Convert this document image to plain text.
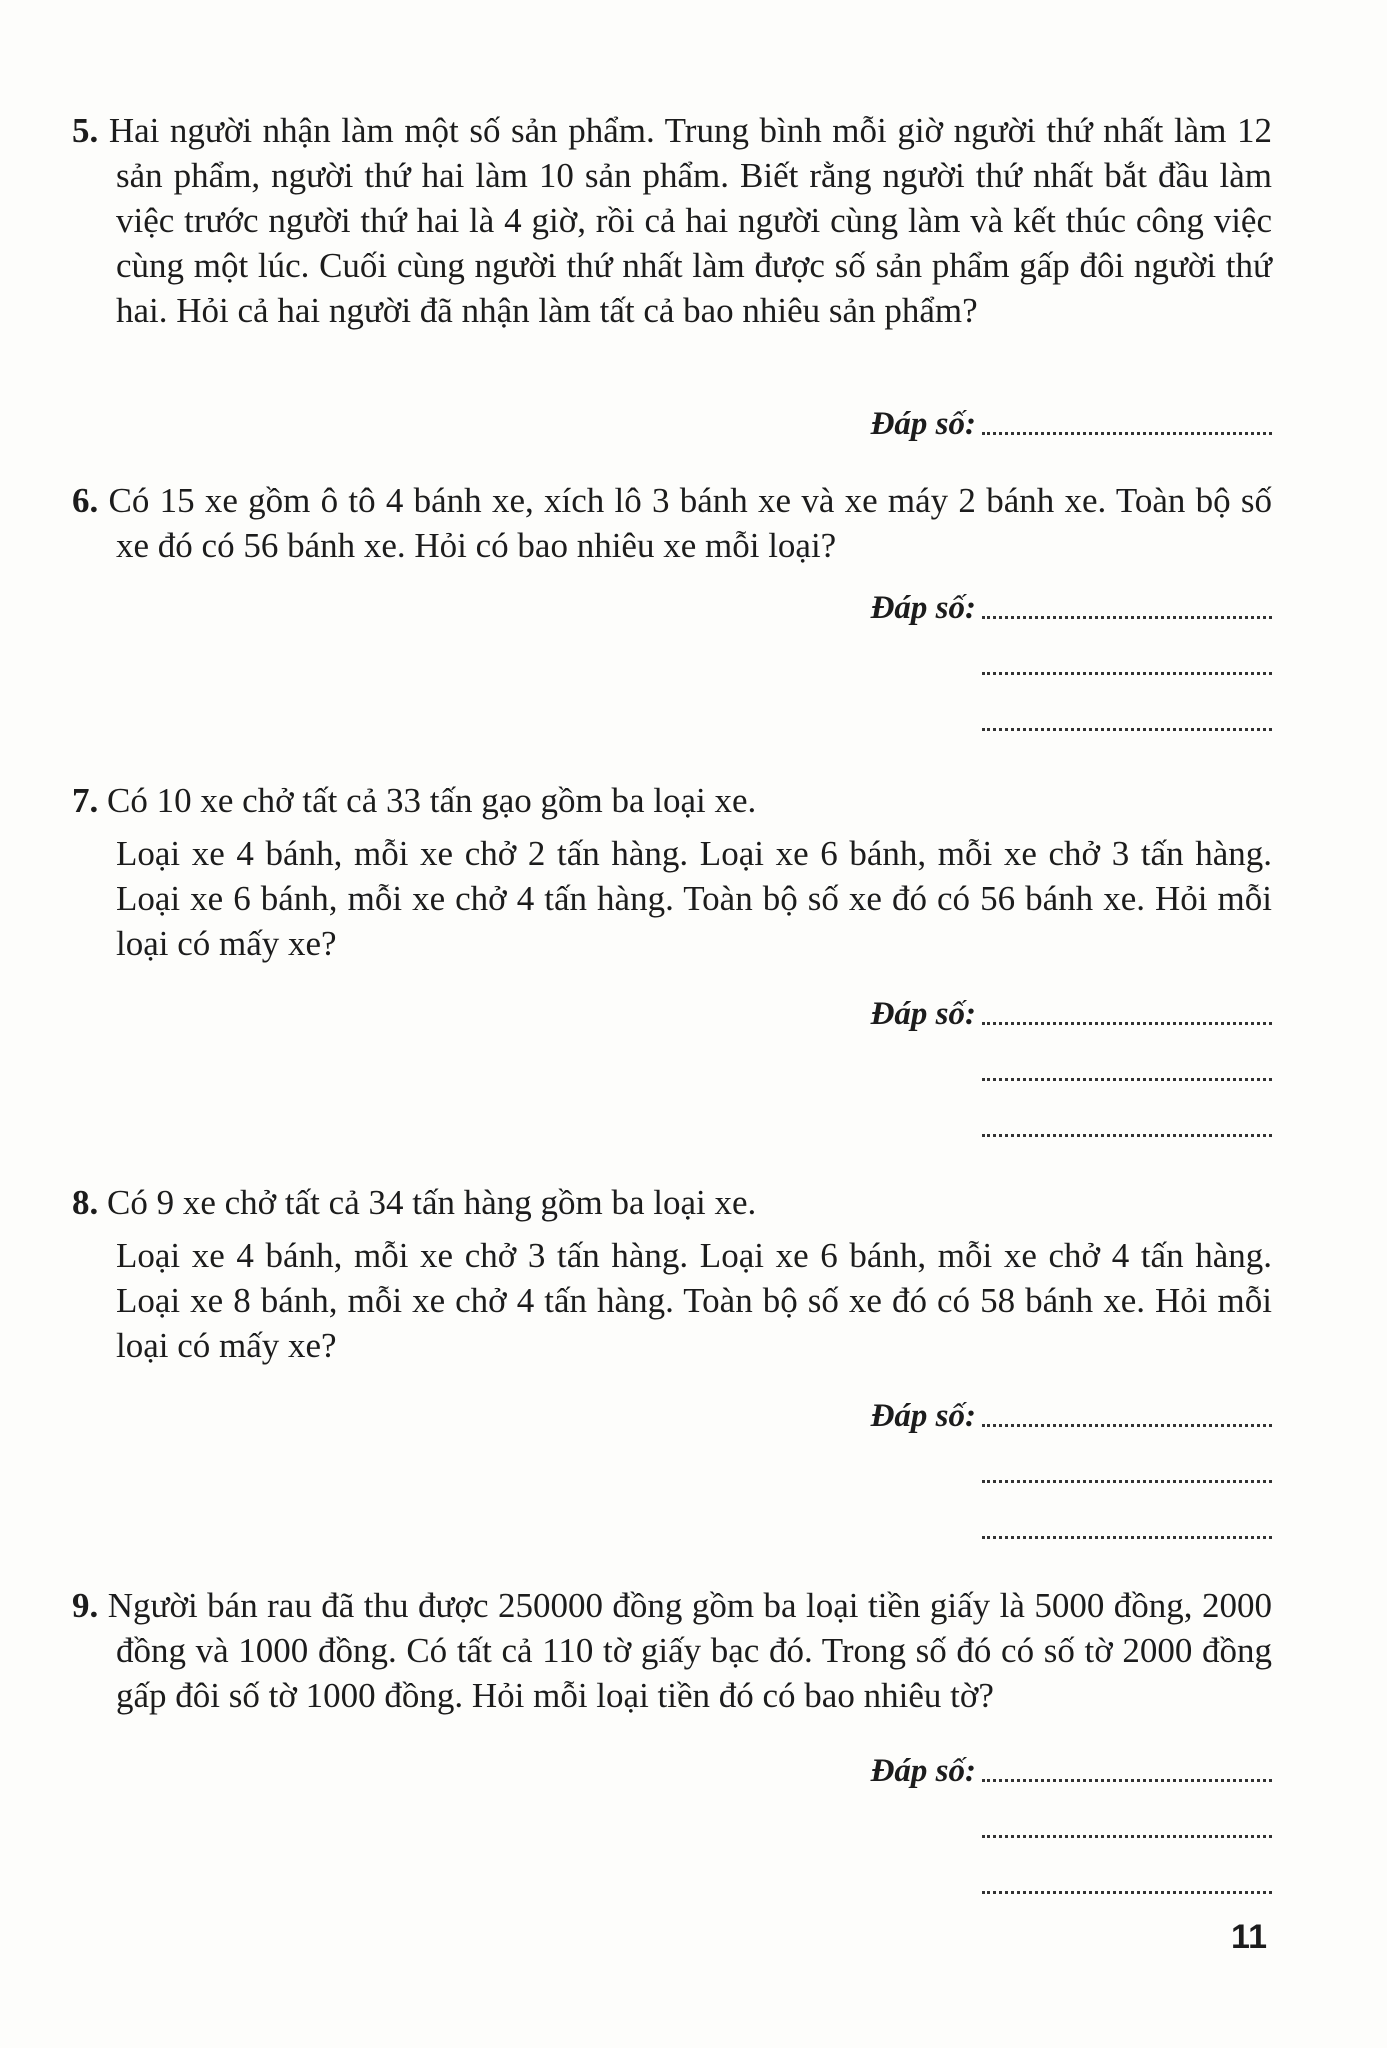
5. Hai người nhận làm một số sản phẩm. Trung bình mỗi giờ người thứ nhất làm 12 sản phẩm, người thứ hai làm 10 sản phẩm. Biết rằng người thứ nhất bắt đầu làm việc trước người thứ hai là 4 giờ, rồi cả hai người cùng làm và kết thúc công việc cùng một lúc. Cuối cùng người thứ nhất làm được số sản phẩm gấp đôi người thứ hai. Hỏi cả hai người đã nhận làm tất cả bao nhiêu sản phẩm?

Đáp số:

6. Có 15 xe gồm ô tô 4 bánh xe, xích lô 3 bánh xe và xe máy 2 bánh xe. Toàn bộ số xe đó có 56 bánh xe. Hỏi có bao nhiêu xe mỗi loại?

Đáp số:

7. Có 10 xe chở tất cả 33 tấn gạo gồm ba loại xe.

Loại xe 4 bánh, mỗi xe chở 2 tấn hàng. Loại xe 6 bánh, mỗi xe chở 3 tấn hàng. Loại xe 6 bánh, mỗi xe chở 4 tấn hàng. Toàn bộ số xe đó có 56 bánh xe. Hỏi mỗi loại có mấy xe?

Đáp số:

8. Có 9 xe chở tất cả 34 tấn hàng gồm ba loại xe.

Loại xe 4 bánh, mỗi xe chở 3 tấn hàng. Loại xe 6 bánh, mỗi xe chở 4 tấn hàng. Loại xe 8 bánh, mỗi xe chở 4 tấn hàng. Toàn bộ số xe đó có 58 bánh xe. Hỏi mỗi loại có mấy xe?

Đáp số:

9. Người bán rau đã thu được 250000 đồng gồm ba loại tiền giấy là 5000 đồng, 2000 đồng và 1000 đồng. Có tất cả 110 tờ giấy bạc đó. Trong số đó có số tờ 2000 đồng gấp đôi số tờ 1000 đồng. Hỏi mỗi loại tiền đó có bao nhiêu tờ?

Đáp số:
11
